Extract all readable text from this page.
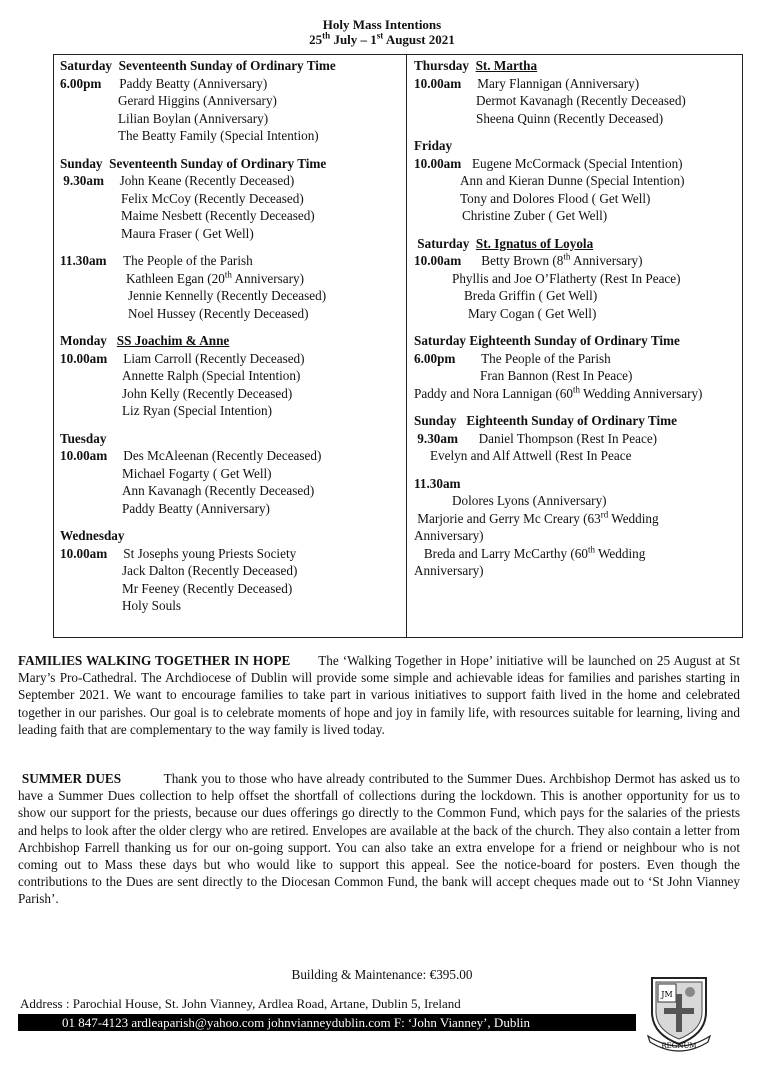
Holy Mass Intentions
25th July – 1st August 2021
Saturday Seventeenth Sunday of Ordinary Time
6.00pm Paddy Beatty (Anniversary)
Gerard Higgins (Anniversary)
Lilian Boylan (Anniversary)
The Beatty Family (Special Intention)
Sunday Seventeenth Sunday of Ordinary Time
9.30am John Keane (Recently Deceased)
Felix McCoy (Recently Deceased)
Maime Nesbett (Recently Deceased)
Maura Fraser ( Get Well)
11.30am The People of the Parish
Kathleen Egan (20th Anniversary)
Jennie Kennelly (Recently Deceased)
Noel Hussey (Recently Deceased)
Monday SS Joachim & Anne
10.00am Liam Carroll (Recently Deceased)
Annette Ralph (Special Intention)
John Kelly (Recently Deceased)
Liz Ryan (Special Intention)
Tuesday
10.00am Des McAleenan (Recently Deceased)
Michael Fogarty ( Get Well)
Ann Kavanagh (Recently Deceased)
Paddy Beatty (Anniversary)
Wednesday
10.00am St Josephs young Priests Society
Jack Dalton (Recently Deceased)
Mr Feeney (Recently Deceased)
Holy Souls
Thursday St. Martha
10.00am Mary Flannigan (Anniversary)
Dermot Kavanagh (Recently Deceased)
Sheena Quinn (Recently Deceased)
Friday
10.00am Eugene McCormack (Special Intention)
Ann and Kieran Dunne (Special Intention)
Tony and Dolores Flood ( Get Well)
Christine Zuber ( Get Well)
Saturday St. Ignatus of Loyola
10.00am Betty Brown (8th Anniversary)
Phyllis and Joe O’Flatherty (Rest In Peace)
Breda Griffin ( Get Well)
Mary Cogan ( Get Well)
Saturday Eighteenth Sunday of Ordinary Time
6.00pm The People of the Parish
Fran Bannon (Rest In Peace)
Paddy and Nora Lannigan (60th Wedding Anniversary)
Sunday Eighteenth Sunday of Ordinary Time
9.30am Daniel Thompson (Rest In Peace)
Evelyn and Alf Attwell (Rest In Peace
11.30am
Dolores Lyons (Anniversary)
Marjorie and Gerry Mc Creary (63rd Wedding Anniversary)
Breda and Larry McCarthy (60th Wedding Anniversary)
FAMILIES WALKING TOGETHER IN HOPE The ‘Walking Together in Hope’ initiative will be launched on 25 August at St Mary’s Pro-Cathedral. The Archdiocese of Dublin will provide some simple and achievable ideas for families and parishes starting in September 2021. We want to encourage families to take part in various initiatives to support faith lived in the home and celebrated together in our parishes. Our goal is to celebrate moments of hope and joy in family life, with resources suitable for learning, living and leading faith that are complementary to the way family is lived today.
SUMMER DUES	Thank you to those who have already contributed to the Summer Dues. Archbishop Dermot has asked us to have a Summer Dues collection to help offset the shortfall of collections during the lockdown. This is another opportunity for us to show our support for the priests, because our dues offerings go directly to the Common Fund, which pays for the salaries of the priests and helps to look after the older clergy who are retired. Envelopes are available at the back of the church. They also contain a letter from Archbishop Farrell thanking us for our on-going support. You can also take an extra envelope for a friend or neighbour who is not coming out to Mass these days but who would like to support this appeal. See the notice-board for posters. Even though the contributions to the Dues are sent directly to the Diocesan Common Fund, the bank will accept cheques made out to ‘St John Vianney Parish’.
Building & Maintenance: €395.00
Address : Parochial House, St. John Vianney, Ardlea Road, Artane, Dublin 5, Ireland
01 847-4123 ardleaparish@yahoo.com johnvianneydublin.com F: ‘John Vianney’, Dublin
JM
REGNUM
